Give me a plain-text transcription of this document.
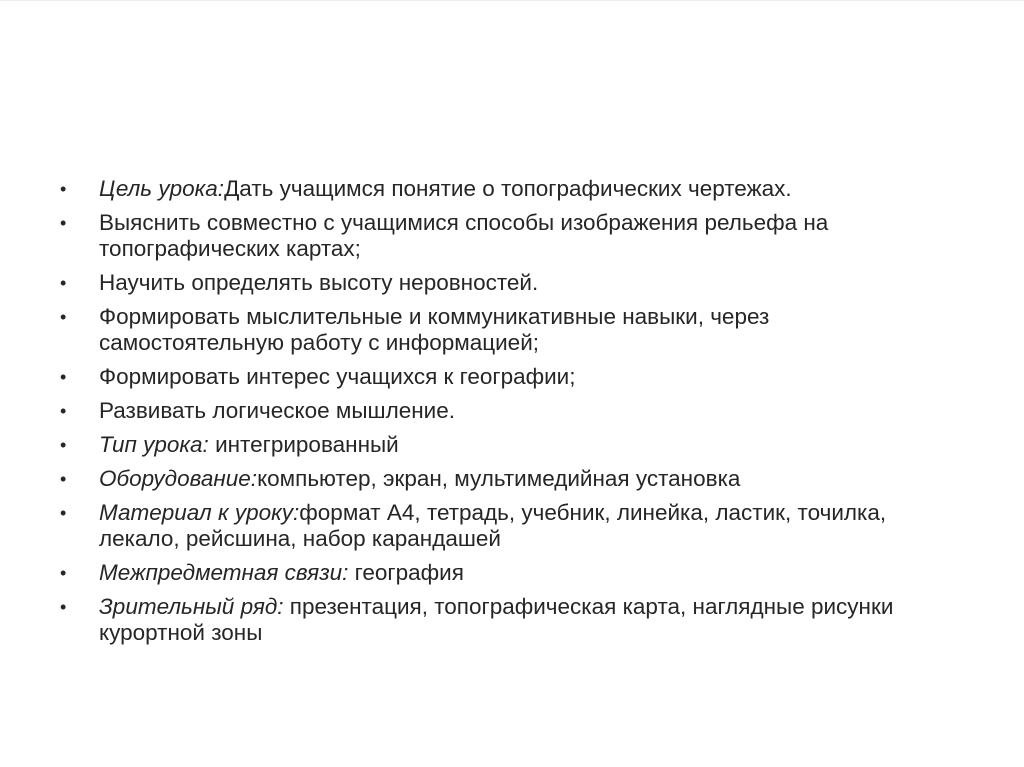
• Цель урока:Дать учащимся понятие о топографических чертежах.
• Выяснить совместно с учащимися способы изображения рельефа на топографических картах;
• Научить определять высоту неровностей.
• Формировать мыслительные и коммуникативные навыки, через самостоятельную работу с информацией;
• Формировать интерес учащихся к географии;
• Развивать логическое мышление.
• Тип урока: интегрированный
• Оборудование:компьютер, экран, мультимедийная установка
• Материал к уроку:формат А4, тетрадь, учебник, линейка, ластик, точилка, лекало, рейсшина, набор карандашей
• Межпредметная связи: география
• Зрительный ряд: презентация, топографическая карта, наглядные рисунки курортной зоны
